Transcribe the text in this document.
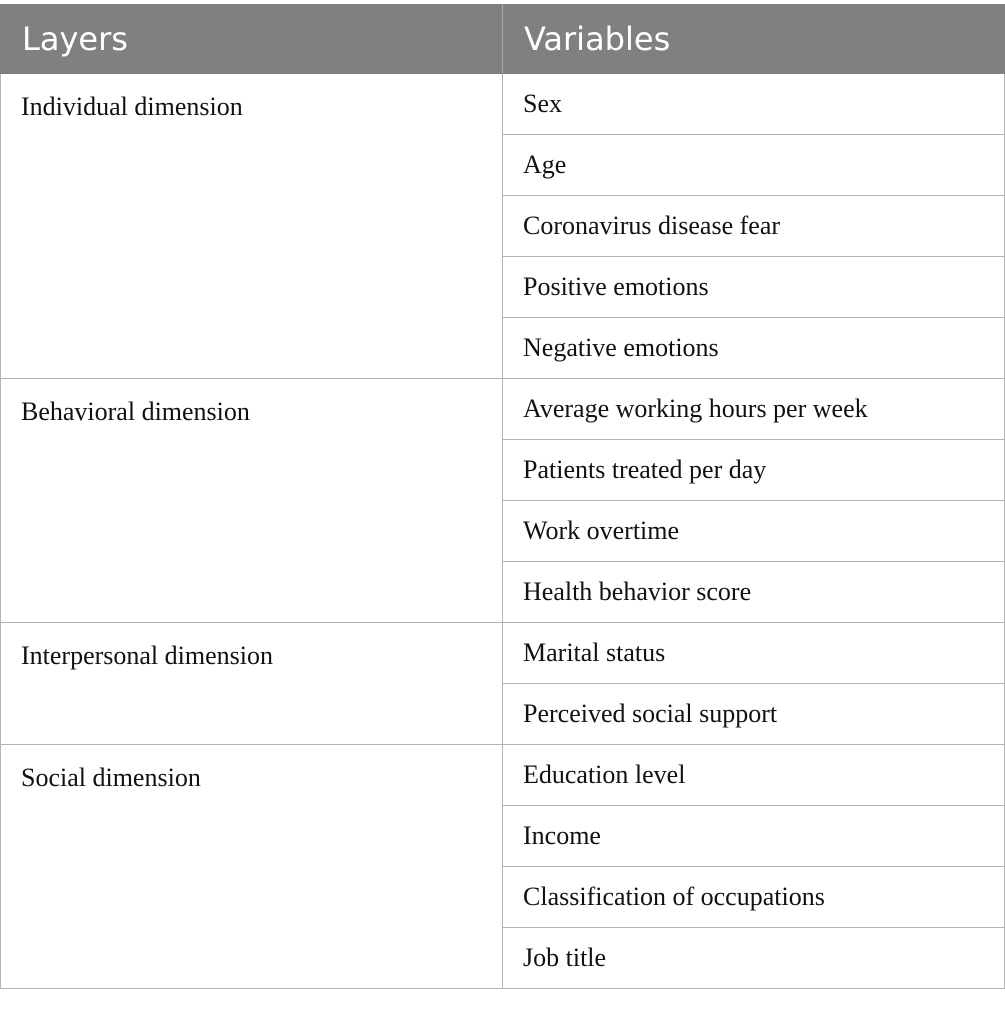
Layers	Variables
Individual dimension	Sex
	Age
	Coronavirus disease fear
	Positive emotions
	Negative emotions
Behavioral dimension	Average working hours per week
	Patients treated per day
	Work overtime
	Health behavior score
Interpersonal dimension	Marital status
	Perceived social support
Social dimension	Education level
	Income
	Classification of occupations
	Job title
